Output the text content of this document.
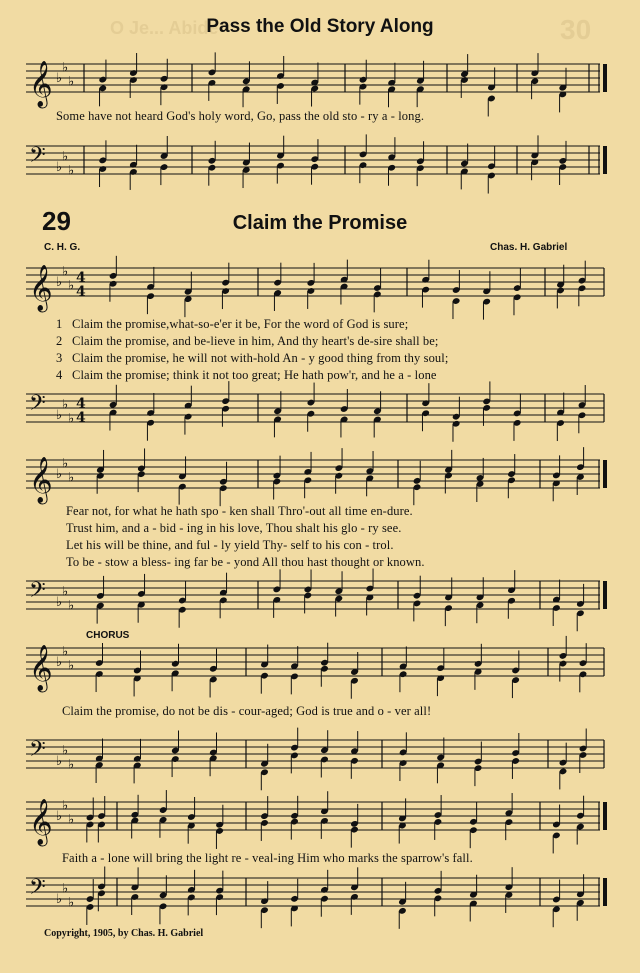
O Je... Abide	30
Pass the Old Story Along
𝄞 ♭
♭
♭
Some have not heard God's holy word, Go, pass the old sto - ry a - long.
𝄢 ♭
♭
♭
29	Claim the Promise
C. H. G.	Chas. H. Gabriel
𝄞 ♭
♭
♭ 4
4
1 Claim the promise,what-so-e'er it be, For the word of God is sure;
2 Claim the promise, and be-lieve in him, And thy heart's de-sire shall be;
3 Claim the promise, he will not with-hold An - y good thing from thy soul;
4 Claim the promise; think it not too great; He hath pow'r, and he a - lone
𝄢 ♭
♭
♭
4
4
𝄞 ♭
♭
♭
Fear not, for what he hath spo - ken shall Thro'-out all time en-dure.
Trust him, and a - bid - ing in his love, Thou shalt his glo - ry see.
Let his will be thine, and ful - ly yield Thy- self to his con - trol.
To be - stow a bless- ing far be - yond All thou hast thought or known.
𝄢 ♭
♭
♭
CHORUS
𝄞 ♭
♭
♭
Claim the promise, do not be dis - cour-aged; God is true and o - ver all!
𝄢 ♭
♭
♭
𝄞 ♭
♭
♭
Faith a - lone will bring the light re - veal-ing Him who marks the sparrow's fall.
𝄢 ♭
♭
♭
Copyright, 1905, by Chas. H. Gabriel
